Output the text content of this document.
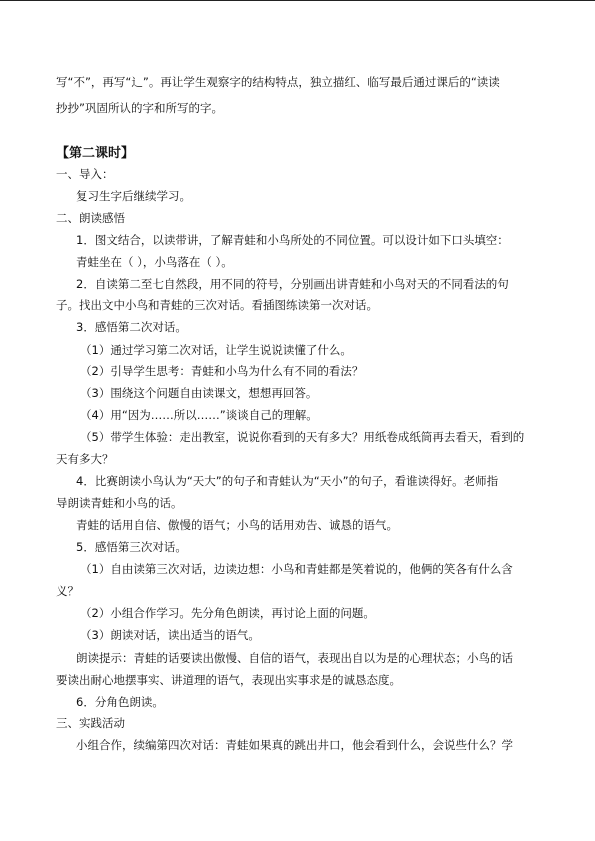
写“不”，再写“辶”。再让学生观察字的结构特点，独立描红、临写最后通过课后的“读读
抄抄”巩固所认的字和所写的字。
【第二课时】
一、导入：
复习生字后继续学习。
二、朗读感悟
1．图文结合，以读带讲，了解青蛙和小鸟所处的不同位置。可以设计如下口头填空：
青蛙坐在（ ），小鸟落在（ ）。
2．自读第二至七自然段，用不同的符号，分别画出讲青蛙和小鸟对天的不同看法的句
子。找出文中小鸟和青蛙的三次对话。看插图练读第一次对话。
3．感悟第二次对话。
（1）通过学习第二次对话，让学生说说读懂了什么。
（2）引导学生思考：青蛙和小鸟为什么有不同的看法？
（3）围绕这个问题自由读课文，想想再回答。
（4）用“因为……所以……”谈谈自己的理解。
（5）带学生体验：走出教室，说说你看到的天有多大？用纸卷成纸筒再去看天，看到的
天有多大？
4．比赛朗读小鸟认为“天大”的句子和青蛙认为“天小”的句子，看谁读得好。老师指
导朗读青蛙和小鸟的话。
青蛙的话用自信、傲慢的语气；小鸟的话用劝告、诚恳的语气。
5．感悟第三次对话。
（1）自由读第三次对话，边读边想：小鸟和青蛙都是笑着说的，他俩的笑各有什么含
义？
（2）小组合作学习。先分角色朗读，再讨论上面的问题。
（3）朗读对话，读出适当的语气。
朗读提示：青蛙的话要读出傲慢、自信的语气，表现出自以为是的心理状态；小鸟的话
要读出耐心地摆事实、讲道理的语气，表现出实事求是的诚恳态度。
6．分角色朗读。
三、实践活动
小组合作，续编第四次对话：青蛙如果真的跳出井口，他会看到什么，会说些什么？学
